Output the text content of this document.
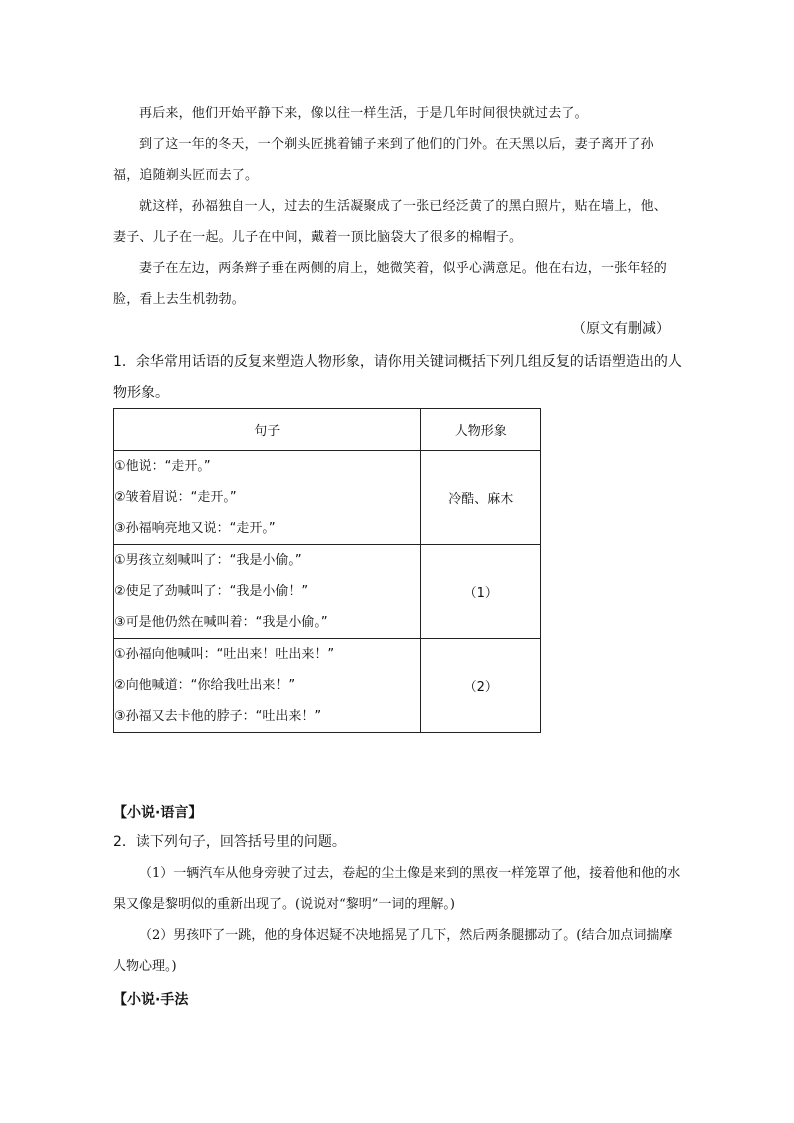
再后来，他们开始平静下来，像以往一样生活，于是几年时间很快就过去了。

到了这一年的冬天，一个剃头匠挑着铺子来到了他们的门外。在天黑以后，妻子离开了孙福，追随剃头匠而去了。

就这样，孙福独自一人，过去的生活凝聚成了一张已经泛黄了的黑白照片，贴在墙上，他、妻子、儿子在一起。儿子在中间，戴着一顶比脑袋大了很多的棉帽子。

妻子在左边，两条辫子垂在两侧的肩上，她微笑着，似乎心满意足。他在右边，一张年轻的脸，看上去生机勃勃。

（原文有删减）

1．余华常用话语的反复来塑造人物形象，请你用关键词概括下列几组反复的话语塑造出的人物形象。

句子	人物形象

①他说：“走开。”
②皱着眉说：“走开。”
③孙福响亮地又说：“走开。”	冷酷、麻木

①男孩立刻喊叫了：“我是小偷。”
②使足了劲喊叫了：“我是小偷！”
③可是他仍然在喊叫着：“我是小偷。”	（1）

①孙福向他喊叫：“吐出来！吐出来！”
②向他喊道：“你给我吐出来！”
③孙福又去卡他的脖子：“吐出来！”	（2）
【小说·语言】

2．读下列句子，回答括号里的问题。

（1）一辆汽车从他身旁驶了过去，卷起的尘土像是来到的黑夜一样笼罩了他，接着他和他的水果又像是黎明似的重新出现了。(说说对“黎明”一词的理解。)

（2）男孩吓了一跳，他的身体迟疑不决地摇晃了几下，然后两条腿挪动了。(结合加点词揣摩人物心理。)

【小说·手法
